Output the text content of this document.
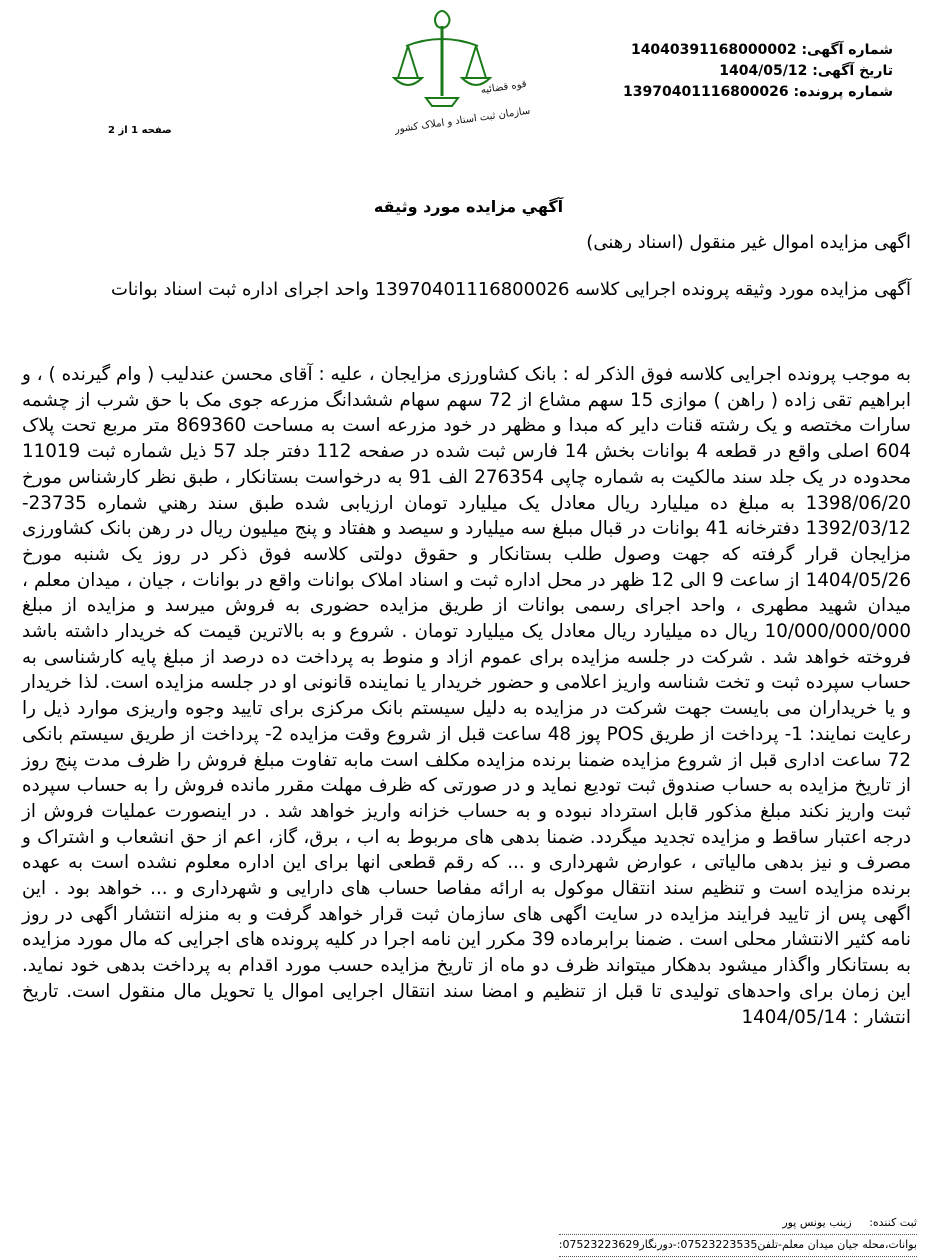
قوه قضائیه
سازمان ثبت اسناد و املاک کشور
شماره آگهی: 14040391168000002
تاریخ آگهی: 1404/05/12
شماره پرونده: 13970401116800026
صفحه 1 از 2
آگهي مزایده مورد وثیقه
اگهی مزایده اموال غیر منقول (اسناد رهنی)
آگهی مزایده مورد وثیقه پرونده اجرایی کلاسه 13970401116800026 واحد اجرای اداره ثبت اسناد بوانات
به موجب پرونده اجرایی کلاسه فوق الذکر له : بانک کشاورزی مزایجان ، علیه : آقای محسن عندلیب ( وام گیرنده ) ، و ابراهیم تقی زاده ( راهن ) موازی 15 سهم مشاع از 72 سهم سهام ششدانگ مزرعه جوی مک با حق شرب از چشمه سارات مختصه و یک رشته قنات دایر که مبدا و مظهر در خود مزرعه است به مساحت 869360 متر مربع تحت پلاک 604 اصلی واقع در قطعه 4 بوانات بخش 14 فارس ثبت شده در صفحه 112 دفتر جلد 57 ذیل شماره ثبت 11019 محدوده در یک جلد سند مالکیت به شماره چاپی 276354 الف 91 به درخواست بستانکار ، طبق نظر کارشناس مورخ 1398/06/20 به مبلغ ده میلیارد ریال معادل یک میلیارد تومان ارزیابی شده طبق سند رهني شماره 23735- 1392/03/12 دفترخانه 41 بوانات در قبال مبلغ سه میلیارد و سیصد و هفتاد و پنج میلیون ریال در رهن بانک کشاورزی مزایجان قرار گرفته که جهت وصول طلب بستانکار و حقوق دولتی کلاسه فوق ذکر در روز یک شنبه مورخ 1404/05/26 از ساعت 9 الی 12 ظهر در محل اداره ثبت و اسناد املاک بوانات واقع در بوانات ، جیان ، میدان معلم ، میدان شهید مطهری ، واحد اجرای رسمی بوانات از طریق مزایده حضوری به فروش میرسد و مزایده از مبلغ 10/000/000/000 ریال ده میلیارد ریال معادل یک میلیارد تومان . شروع و به بالاترین قیمت که خریدار داشته باشد فروخته خواهد شد . شرکت در جلسه مزایده برای عموم ازاد و منوط به پرداخت ده درصد از مبلغ پایه کارشناسی به حساب سپرده ثبت و تخت شناسه واریز اعلامی و حضور خریدار یا نماینده قانونی او در جلسه مزایده است. لذا خریدار و یا خریداران می بایست جهت شرکت در مزایده به دلیل سیستم بانک مرکزی برای تایید وجوه واریزی موارد ذیل را رعایت نمایند: 1- پرداخت از طریق POS پوز 48 ساعت قبل از شروع وقت مزایده 2- پرداخت از طریق سیستم بانکی 72 ساعت اداری قبل از شروع مزایده ضمنا برنده مزایده مکلف است مابه تفاوت مبلغ فروش را ظرف مدت پنج روز از تاریخ مزایده به حساب صندوق ثبت تودیع نماید و در صورتی که ظرف مهلت مقرر مانده فروش را به حساب سپرده ثبت واریز نکند مبلغ مذکور قابل استرداد نبوده و به حساب خزانه واریز خواهد شد . در اینصورت عملیات فروش از درجه اعتبار ساقط و مزایده تجدید میگردد. ضمنا بدهی های مربوط به اب ، برق، گاز، اعم از حق انشعاب و اشتراک و مصرف و نیز بدهی مالیاتی ، عوارض شهرداری و ... که رقم قطعی انها برای این اداره معلوم نشده است به عهده برنده مزایده است و تنظیم سند انتقال موکول به ارائه مفاصا حساب های دارایی و شهرداری و ... خواهد بود . این اگهی پس از تایید فرایند مزایده در سایت اگهی های سازمان ثبت قرار خواهد گرفت و به منزله انتشار اگهی در روز نامه کثیر الانتشار محلی است . ضمنا برابرماده 39 مکرر این نامه اجرا در کلیه پرونده های اجرایی که مال مورد مزایده به بستانکار واگذار میشود بدهکار میتواند ظرف دو ماه از تاریخ مزایده حسب مورد اقدام به پرداخت بدهی خود نماید. این زمان برای واحدهای تولیدی تا قبل از تنظیم و امضا سند انتقال اجرایی اموال یا تحویل مال منقول است. تاریخ انتشار : 1404/05/14
ثبت کننده: زینب یونس پور
بوانات،محله جیان میدان معلم-تلفن07523223535:-دورنگار07523223629:
